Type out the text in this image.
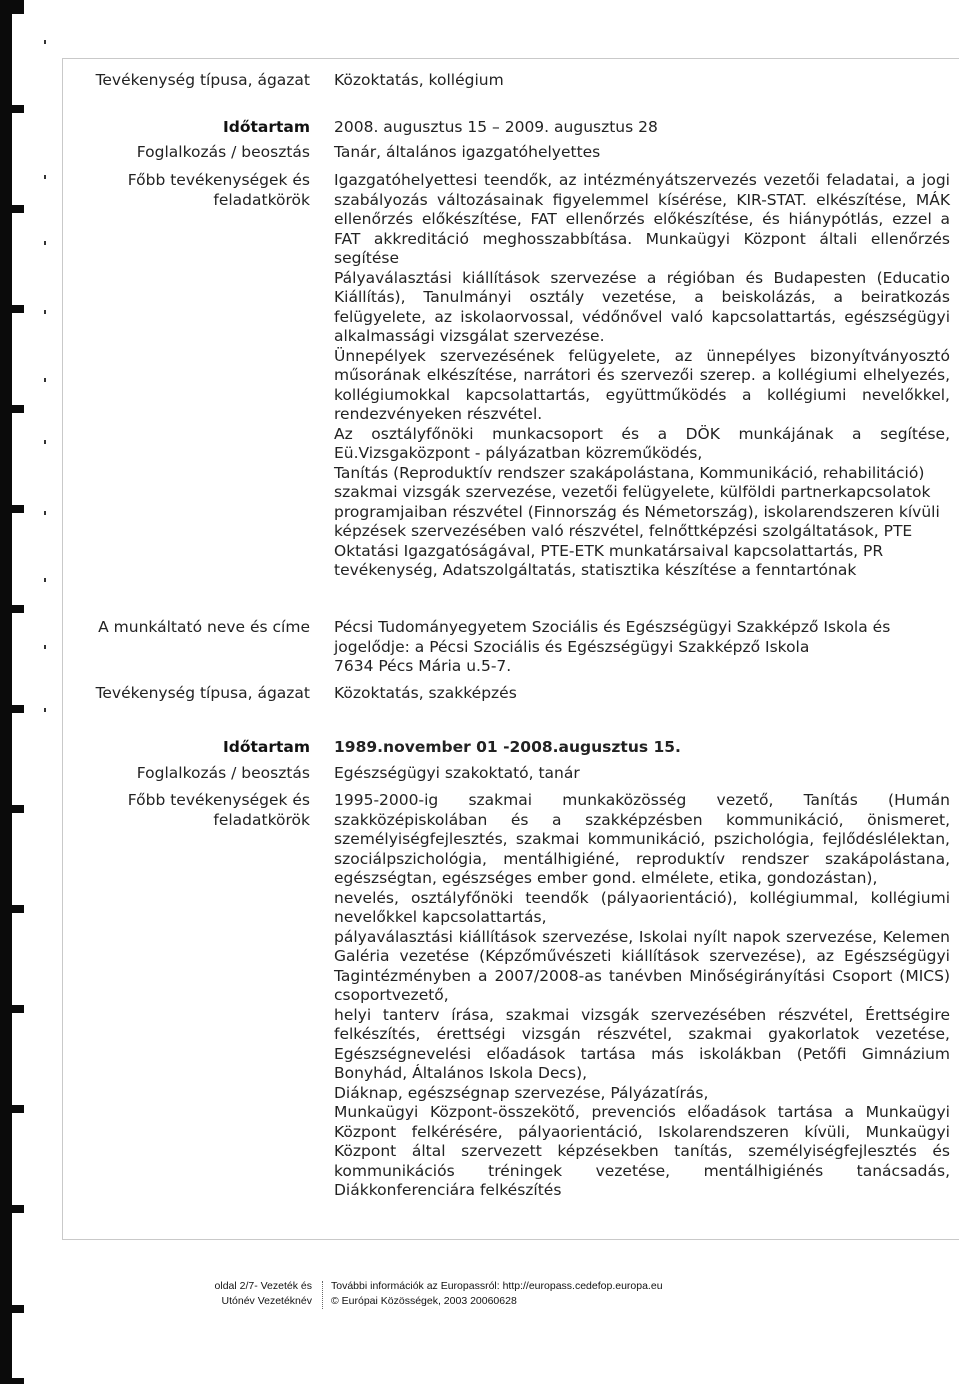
Tevékenység típusa, ágazat Közoktatás, kollégium
Időtartam 2008. augusztus 15 – 2009. augusztus 28
Foglalkozás / beosztás Tanár, általános igazgatóhelyettes
Főbb tevékenységek és
feladatkörök

Igazgatóhelyettesi teendők, az intézményátszervezés vezetői feladatai, a jogi szabályozás változásainak figyelemmel kísérése, KIR-STAT. elkészítése, MÁK ellenőrzés előkészítése, FAT ellenőrzés előkészítése, és hiánypótlás, ezzel a FAT akkreditáció meghosszabbítása. Munkaügyi Központ általi ellenőrzés segítése

Pályaválasztási kiállítások szervezése a régióban és Budapesten (Educatio Kiállítás), Tanulmányi osztály vezetése, a beiskolázás, a beiratkozás felügyelete, az iskolaorvossal, védőnővel való kapcsolattartás, egészségügyi alkalmassági vizsgálat szervezése.

Ünnepélyek szervezésének felügyelete, az ünnepélyes bizonyítványosztó műsorának elkészítése, narrátori és szervezői szerep. a kollégiumi elhelyezés, kollégiumokkal kapcsolattartás, együttműködés a kollégiumi nevelőkkel, rendezvényeken részvétel.

Az osztályfőnöki munkacsoport és a DÖK munkájának a segítése, Eü.Vizsgaközpont - pályázatban közreműködés,

Tanítás (Reproduktív rendszer szakápolástana, Kommunikáció, rehabilitáció) szakmai vizsgák szervezése, vezetői felügyelete, külföldi partnerkapcsolatok programjaiban részvétel (Finnország és Németország), iskolarendszeren kívüli képzések szervezésében való részvétel, felnőttképzési szolgáltatások, PTE Oktatási Igazgatóságával, PTE-ETK munkatársaival kapcsolattartás, PR tevékenység, Adatszolgáltatás, statisztika készítése a fenntartónak

A munkáltató neve és címe Pécsi Tudományegyetem Szociális és Egészségügyi Szakképző Iskola és jogelődje: a Pécsi Szociális és Egészségügyi Szakképző Iskola

7634 Pécs Mária u.5-7.

Tevékenység típusa, ágazat Közoktatás, szakképzés
Időtartam 1989.november 01 -2008.augusztus 15.
Foglalkozás / beosztás Egészségügyi szakoktató, tanár
Főbb tevékenységek és
feladatkörök

1995-2000-ig szakmai munkaközösség vezető, Tanítás (Humán szakközépiskolában és a szakképzésben kommunikáció, önismeret, személyiségfejlesztés, szakmai kommunikáció, pszichológia, fejlődéslélektan, szociálpszichológia, mentálhigiéné, reproduktív rendszer szakápolástana, egészségtan, egészséges ember gond. elmélete, etika, gondozástan),

nevelés, osztályfőnöki teendők (pályaorientáció), kollégiummal, kollégiumi nevelőkkel kapcsolattartás,

pályaválasztási kiállítások szervezése, Iskolai nyílt napok szervezése, Kelemen Galéria vezetése (Képzőművészeti kiállítások szervezése), az Egészségügyi Tagintézményben a 2007/2008-as tanévben Minőségirányítási Csoport (MICS) csoportvezető,

helyi tanterv írása, szakmai vizsgák szervezésében részvétel, Érettségire felkészítés, érettségi vizsgán részvétel, szakmai gyakorlatok vezetése, Egészségnevelési előadások tartása más iskolákban (Petőfi Gimnázium Bonyhád, Általános Iskola Decs),

Diáknap, egészségnap szervezése, Pályázatírás,

Munkaügyi Központ-összekötő, prevenciós előadások tartása a Munkaügyi Központ felkérésére, pályaorientáció, Iskolarendszeren kívüli, Munkaügyi Központ által szervezett képzésekben tanítás, személyiségfejlesztés és kommunikációs tréningek vezetése, mentálhigiénés tanácsadás, Diákkonferenciára felkészítés

oldal 2/7- Vezeték és
Utónév Vezetéknév
További információk az Europassról: http://europass.cedefop.europa.eu
© Európai Közösségek, 2003 20060628
